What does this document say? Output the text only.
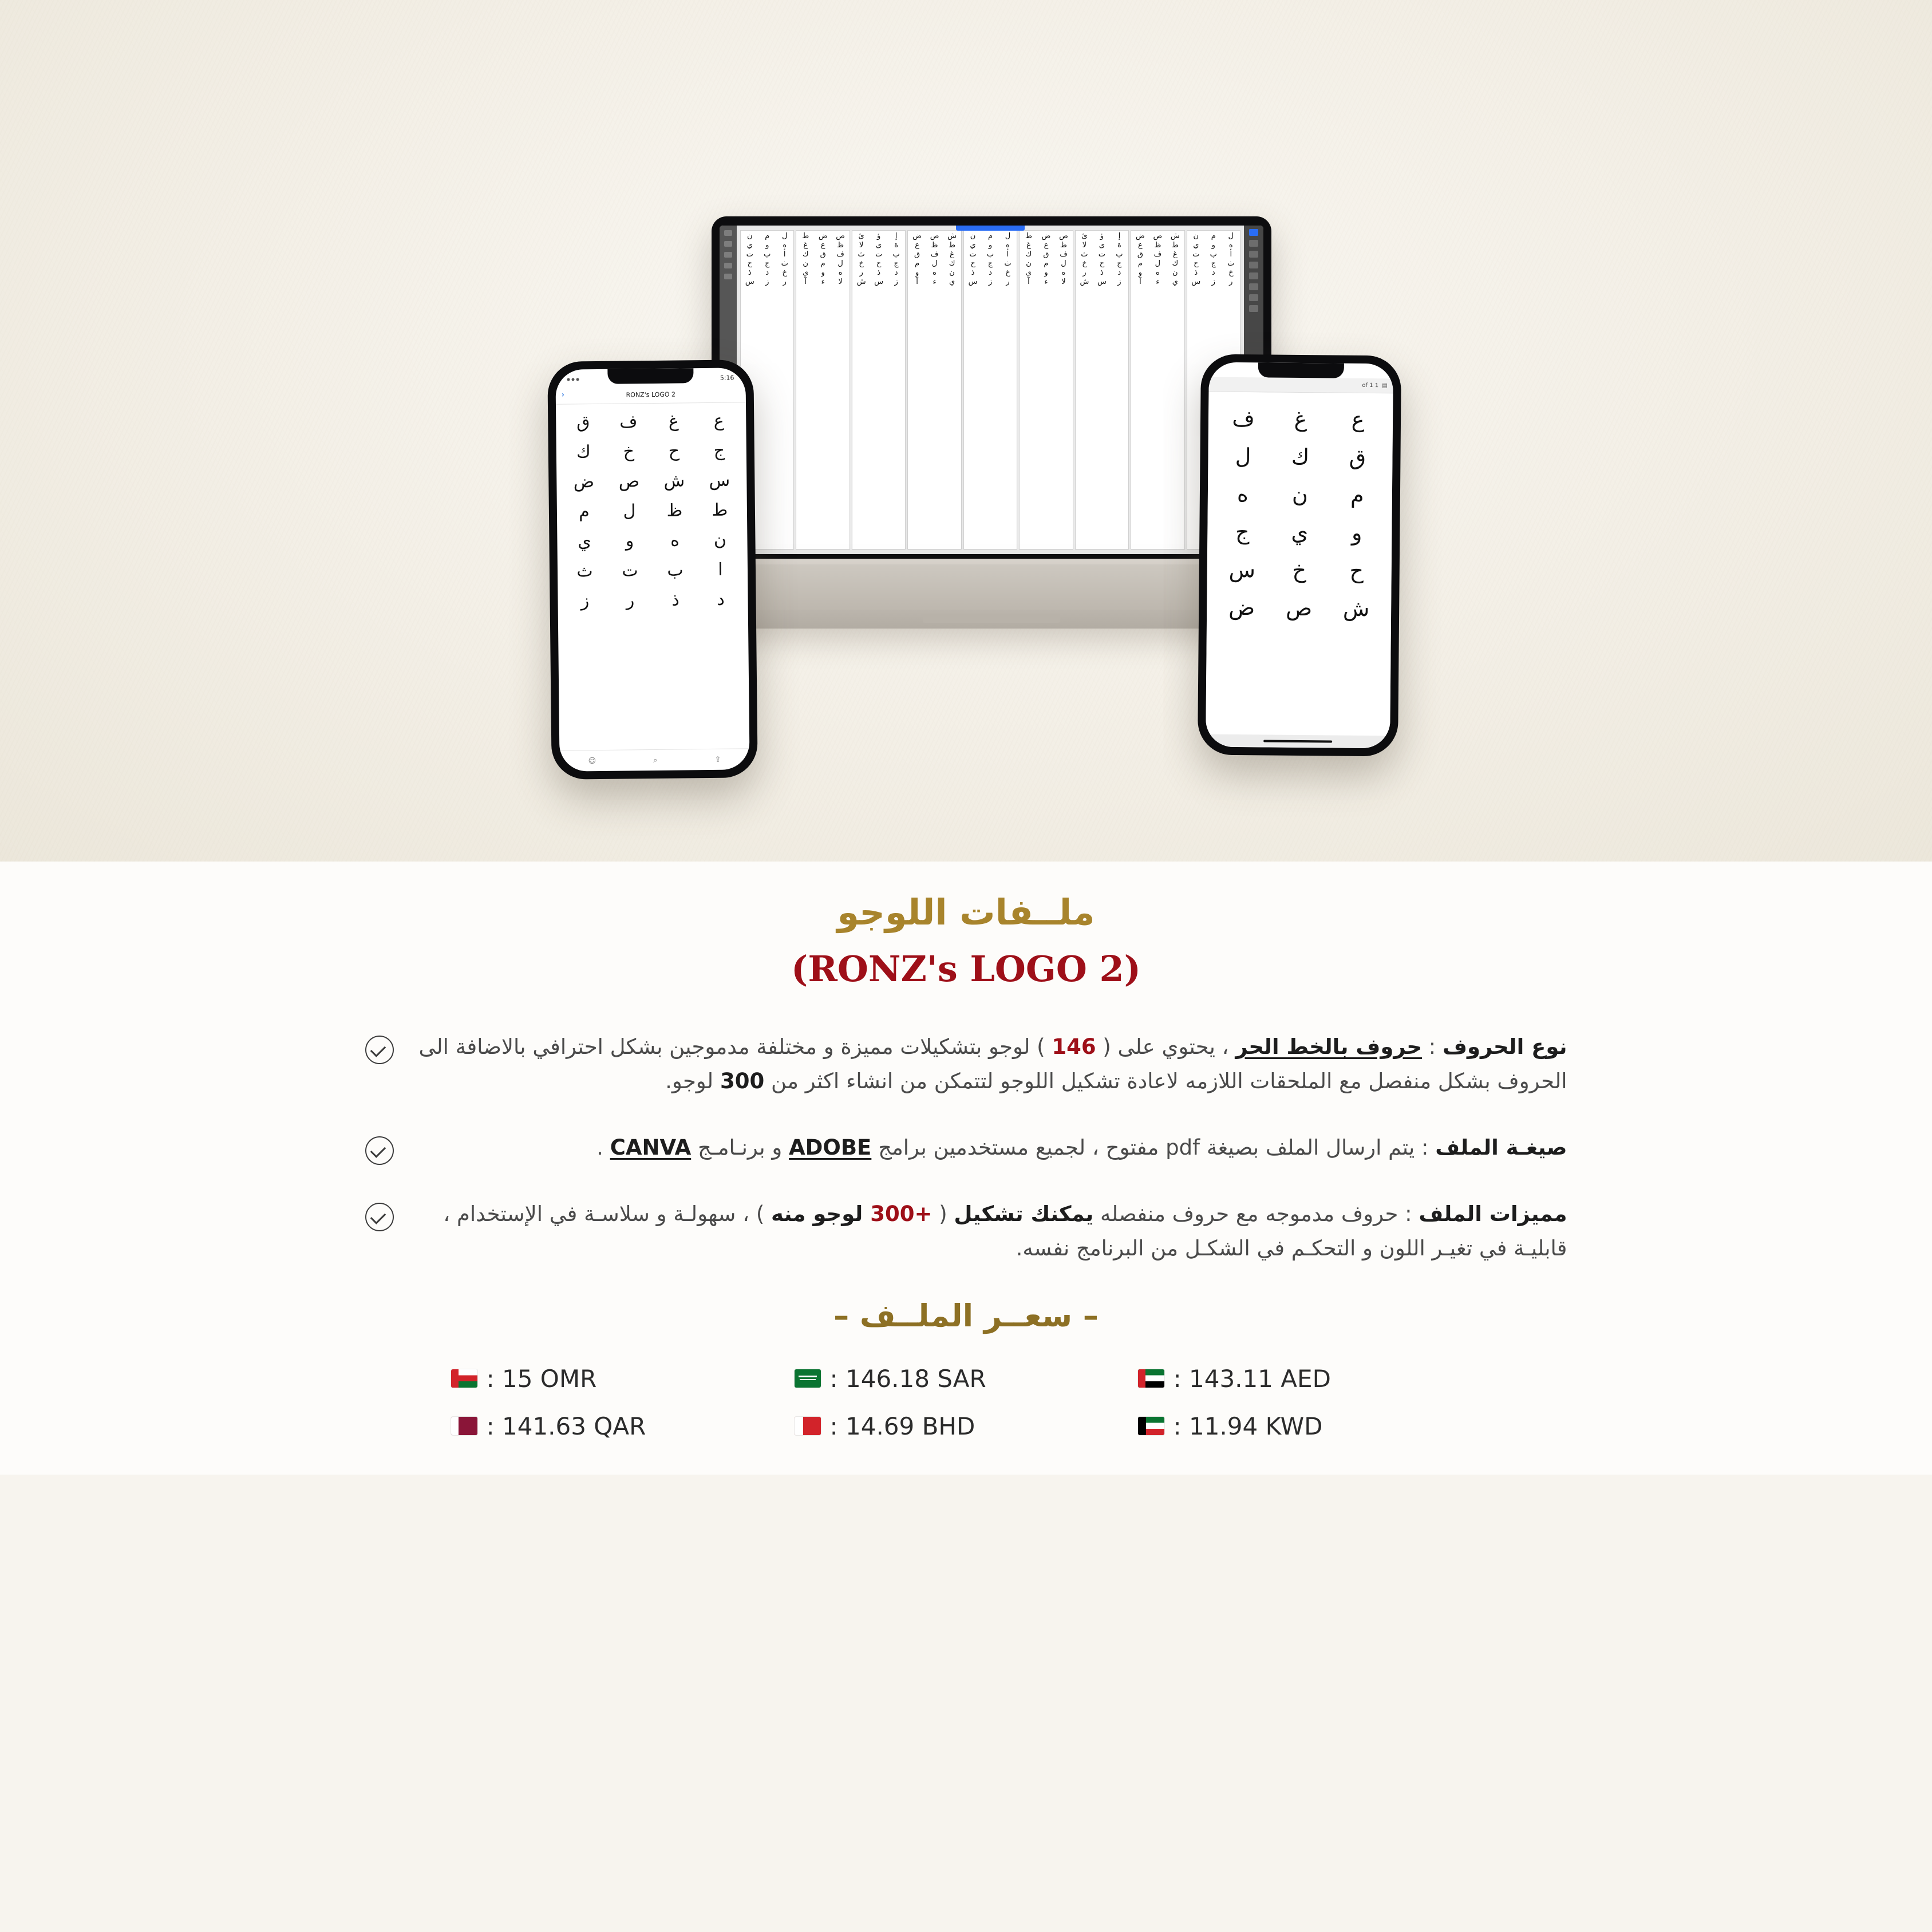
ﻝ
ﻡ
ﻥ
ﻩ
ﻭ
ﻱ
ﺃ
ﺏ
ﺕ
ﺙ
ﺝ
ﺡ
ﺥ
ﺩ
ﺫ
ﺭ
ﺯ
ﺱ
ﺵ
ﺹ
ﺽ
ﻁ
ﻅ
ﻉ
ﻍ
ﻑ
ﻕ
ﻙ
ﻝ
ﻡ
ﻥ
ﻩ
ﻭ
ﻱ
ﺀ
ﺁ
ﺇ
ﺅ
ﺉ
ﺓ
ﻯ
ﻻ
ﺏ
ﺕ
ﺙ
ﺝ
ﺡ
ﺥ
ﺩ
ﺫ
ﺭ
ﺯ
ﺱ
ﺵ
ﺹ
ﺽ
ﻁ
ﻅ
ﻉ
ﻍ
ﻑ
ﻕ
ﻙ
ﻝ
ﻡ
ﻥ
ﻩ
ﻭ
ﻱ
ﻻ
ﺀ
ﺁ
ﻝ
ﻡ
ﻥ
ﻩ
ﻭ
ﻱ
ﺃ
ﺏ
ﺕ
ﺙ
ﺝ
ﺡ
ﺥ
ﺩ
ﺫ
ﺭ
ﺯ
ﺱ
ﺵ
ﺹ
ﺽ
ﻁ
ﻅ
ﻉ
ﻍ
ﻑ
ﻕ
ﻙ
ﻝ
ﻡ
ﻥ
ﻩ
ﻭ
ﻱ
ﺀ
ﺁ
ﺇ
ﺅ
ﺉ
ﺓ
ﻯ
ﻻ
ﺏ
ﺕ
ﺙ
ﺝ
ﺡ
ﺥ
ﺩ
ﺫ
ﺭ
ﺯ
ﺱ
ﺵ
ﺹ
ﺽ
ﻁ
ﻅ
ﻉ
ﻍ
ﻑ
ﻕ
ﻙ
ﻝ
ﻡ
ﻥ
ﻩ
ﻭ
ﻱ
ﻻ
ﺀ
ﺁ
ﻝ
ﻡ
ﻥ
ﻩ
ﻭ
ﻱ
ﺃ
ﺏ
ﺕ
ﺙ
ﺝ
ﺡ
ﺥ
ﺩ
ﺫ
ﺭ
ﺯ
ﺱ
5:16
‹	RONZ's LOGO 2
ﻉ
ﻍ
ﻑ
ﻕ
ﺝ
ﺡ
ﺥ
ﻙ
ﺱ
ﺵ
ﺹ
ﺽ
ﻁ
ﻅ
ﻝ
ﻡ
ﻥ
ﻩ
ﻭ
ﻱ
ﺍ
ﺏ
ﺕ
ﺙ
ﺩ
ﺫ
ﺭ
ﺯ
⇪
⌕
☺
▤
1 of 1
ﻉ
ﻍ
ﻑ
ﻕ
ﻙ
ﻝ
ﻡ
ﻥ
ﻩ
ﻭ
ﻱ
ﺝ
ﺡ
ﺥ
ﺱ
ﺵ
ﺹ
ﺽ
ملــفات اللوجو
(RONZ's LOGO 2)
نوع الحروف : حروف بالخط الحر ، يحتوي على ( 146 ) لوجو بتشكيلات مميزة و مختلفة مدموجين بشكل احترافي بالاضافة الى الحروف بشكل منفصل مع الملحقات اللازمه لاعادة تشكيل اللوجو لتتمكن من انشاء اكثر من 300 لوجو.
صيغـة الملف : يتم ارسال الملف بصيغة pdf مفتوح ، لجميع مستخدمين برامج ADOBE و برنـامـج CANVA .
مميزات الملف : حروف مدموجه مع حروف منفصله يمكنك تشكيل ( +300 لوجو منه ) ، سهولـة و سلاسـة في الإستخدام ، قابليـة في تغيـر اللون و التحكـم في الشكـل من البرنامج نفسه.
– سعــر الملــف –
: 15 OMR	: 146.18 SAR	: 143.11 AED
: 141.63 QAR	: 14.69 BHD	: 11.94 KWD
